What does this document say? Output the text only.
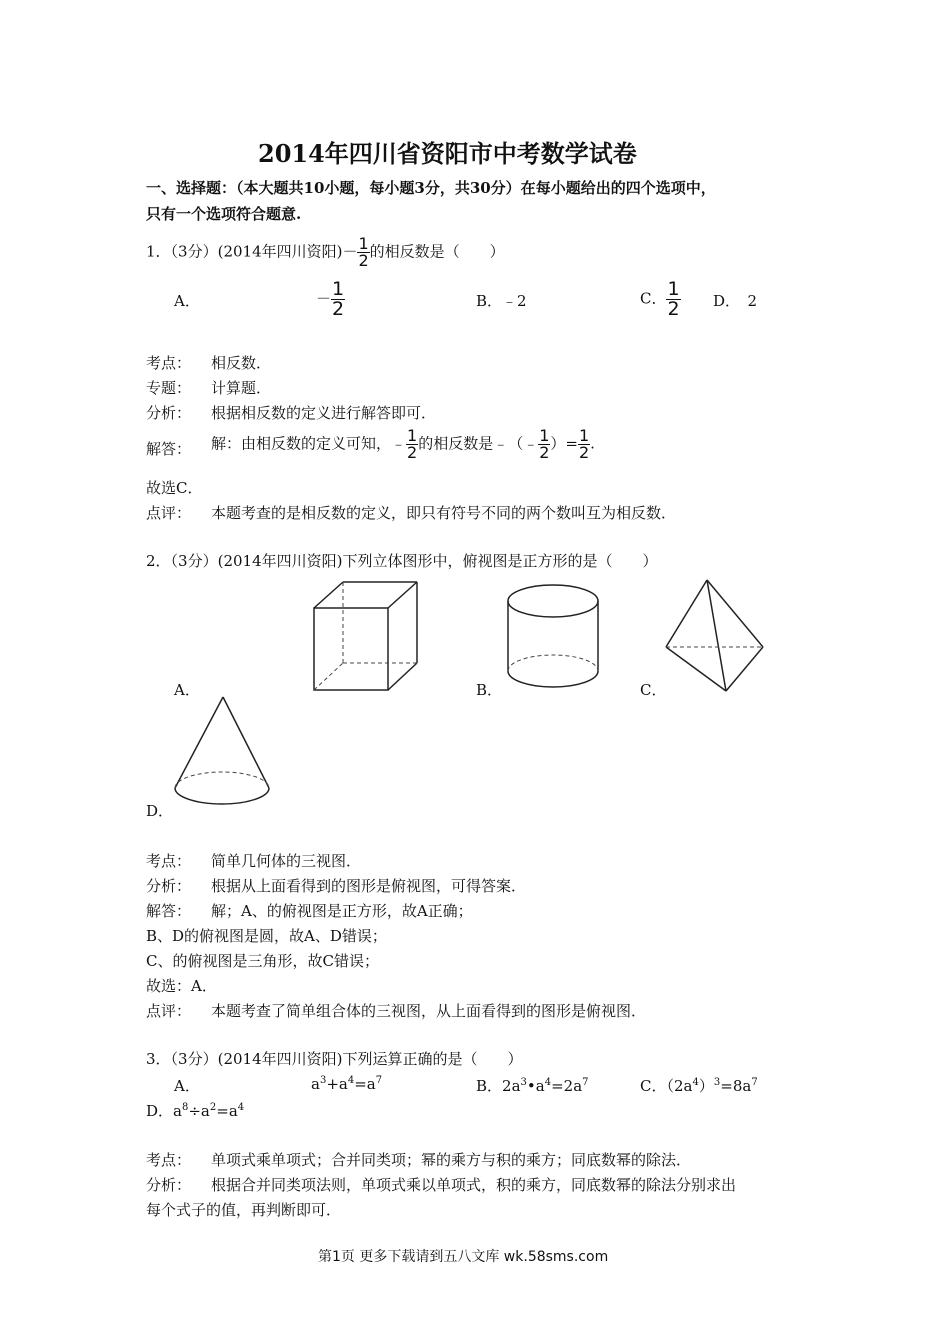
2014年四川省资阳市中考数学试卷
一、选择题：（本大题共10小题，每小题3分，共30分）在每小题给出的四个选项中，
只有一个选项符合题意.
1．（3分）(2014年四川资阳)－ $\frac{1}{2}$ 的相反数是（　　）
A．	－ $\frac{1}{2}$	B．﹣2	C． $\frac{1}{2}$ D．　2
考点： 相反数．
专题： 计算题．
分析： 根据相反数的定义进行解答即可．
解答： 解：由相反数的定义可知，﹣ $\frac{1}{2}$ 的相反数是﹣（﹣ $\frac{1}{2}$ ）= $\frac{1}{2}$ .
故选C．
点评： 本题考查的是相反数的定义，即只有符号不同的两个数叫互为相反数．
2．（3分）(2014年四川资阳)下列立体图形中，俯视图是正方形的是（　　）
A．	B．	C．
D．
考点： 简单几何体的三视图．
分析： 根据从上面看得到的图形是俯视图，可得答案．
解答： 解；A、的俯视图是正方形，故A正确；
B、D的俯视图是圆，故A、D错误；
C、的俯视图是三角形，故C错误；
故选：A．
点评： 本题考查了简单组合体的三视图，从上面看得到的图形是俯视图．
3．（3分）(2014年四川资阳)下列运算正确的是（　　）
A．	$a^3+a^4=a^7$	B．$2a^3•a^4=2a^7$	C．$(2a^4)^3=8a^7$
D．$a^8\div a^2=a^4$
考点： 单项式乘单项式；合并同类项；幂的乘方与积的乘方；同底数幂的除法．
分析： 根据合并同类项法则，单项式乘以单项式，积的乘方，同底数幂的除法分别求出
每个式子的值，再判断即可．
第1页 更多下载请到五八文库 wk.58sms.com
